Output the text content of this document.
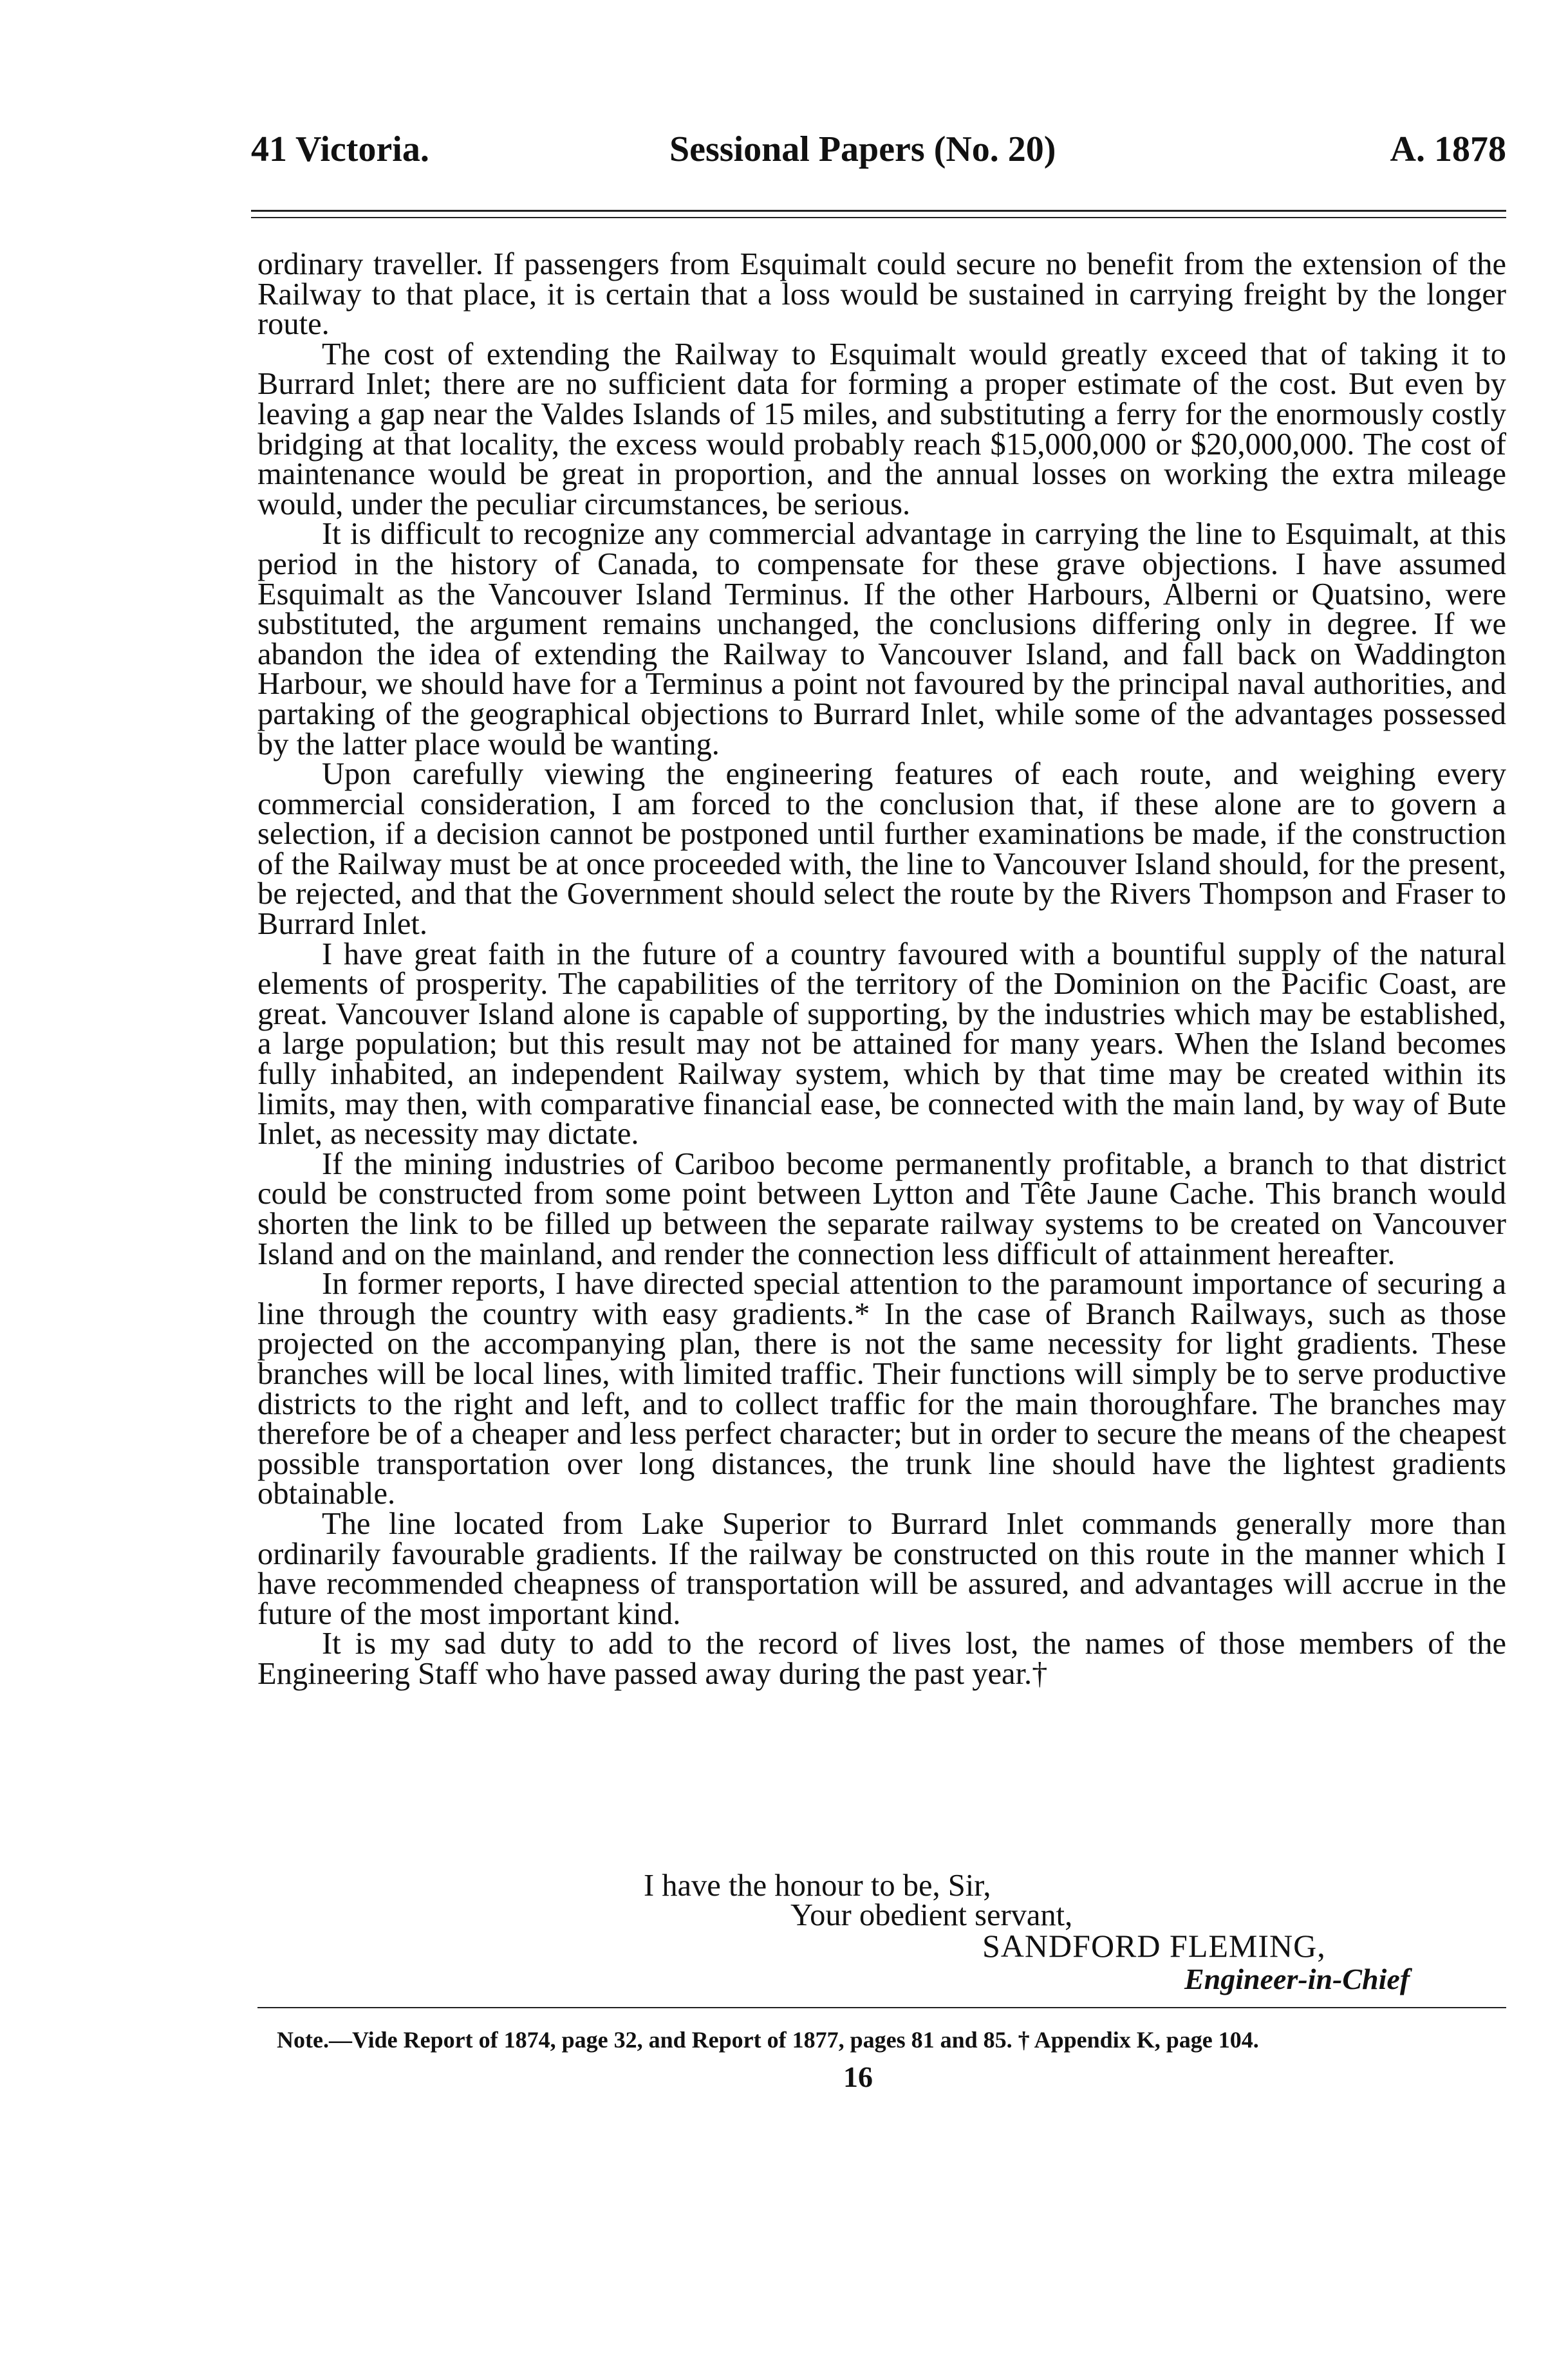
41 Victoria.	Sessional Papers (No. 20)	A. 1878

ordinary traveller. If passengers from Esquimalt could secure no benefit from the extension of the Railway to that place, it is certain that a loss would be sustained in carrying freight by the longer route.

The cost of extending the Railway to Esquimalt would greatly exceed that of taking it to Burrard Inlet; there are no sufficient data for forming a proper estimate of the cost. But even by leaving a gap near the Valdes Islands of 15 miles, and substituting a ferry for the enormously costly bridging at that locality, the excess would probably reach $15,000,000 or $20,000,000. The cost of maintenance would be great in proportion, and the annual losses on working the extra mileage would, under the peculiar circumstances, be serious.

It is difficult to recognize any commercial advantage in carrying the line to Esquimalt, at this period in the history of Canada, to compensate for these grave objections. I have assumed Esquimalt as the Vancouver Island Terminus. If the other Harbours, Alberni or Quatsino, were substituted, the argument remains unchanged, the conclusions differing only in degree. If we abandon the idea of extending the Railway to Vancouver Island, and fall back on Waddington Harbour, we should have for a Terminus a point not favoured by the principal naval authorities, and partaking of the geographical objections to Burrard Inlet, while some of the advantages possessed by the latter place would be wanting.

Upon carefully viewing the engineering features of each route, and weighing every commercial consideration, I am forced to the conclusion that, if these alone are to govern a selection, if a decision cannot be postponed until further examinations be made, if the construction of the Railway must be at once proceeded with, the line to Vancouver Island should, for the present, be rejected, and that the Government should select the route by the Rivers Thompson and Fraser to Burrard Inlet.

I have great faith in the future of a country favoured with a bountiful supply of the natural elements of prosperity. The capabilities of the territory of the Dominion on the Pacific Coast, are great. Vancouver Island alone is capable of supporting, by the industries which may be established, a large population; but this result may not be attained for many years. When the Island becomes fully inhabited, an independent Railway system, which by that time may be created within its limits, may then, with comparative financial ease, be connected with the main land, by way of Bute Inlet, as necessity may dictate.

If the mining industries of Cariboo become permanently profitable, a branch to that district could be constructed from some point between Lytton and Tête Jaune Cache. This branch would shorten the link to be filled up between the separate railway systems to be created on Vancouver Island and on the mainland, and render the connection less difficult of attainment hereafter.

In former reports, I have directed special attention to the paramount importance of securing a line through the country with easy gradients.* In the case of Branch Railways, such as those projected on the accompanying plan, there is not the same necessity for light gradients. These branches will be local lines, with limited traffic. Their functions will simply be to serve productive districts to the right and left, and to collect traffic for the main thoroughfare. The branches may therefore be of a cheaper and less perfect character; but in order to secure the means of the cheapest possible transportation over long distances, the trunk line should have the lightest gradients obtainable.

The line located from Lake Superior to Burrard Inlet commands generally more than ordinarily favourable gradients. If the railway be constructed on this route in the manner which I have recommended cheapness of transportation will be assured, and advantages will accrue in the future of the most important kind.

It is my sad duty to add to the record of lives lost, the names of those members of the Engineering Staff who have passed away during the past year.†

I have the honour to be, Sir,
Your obedient servant,
SANDFORD FLEMING,
Engineer-in-Chief
Note.—Vide Report of 1874, page 32, and Report of 1877, pages 81 and 85. † Appendix K, page 104.
16
